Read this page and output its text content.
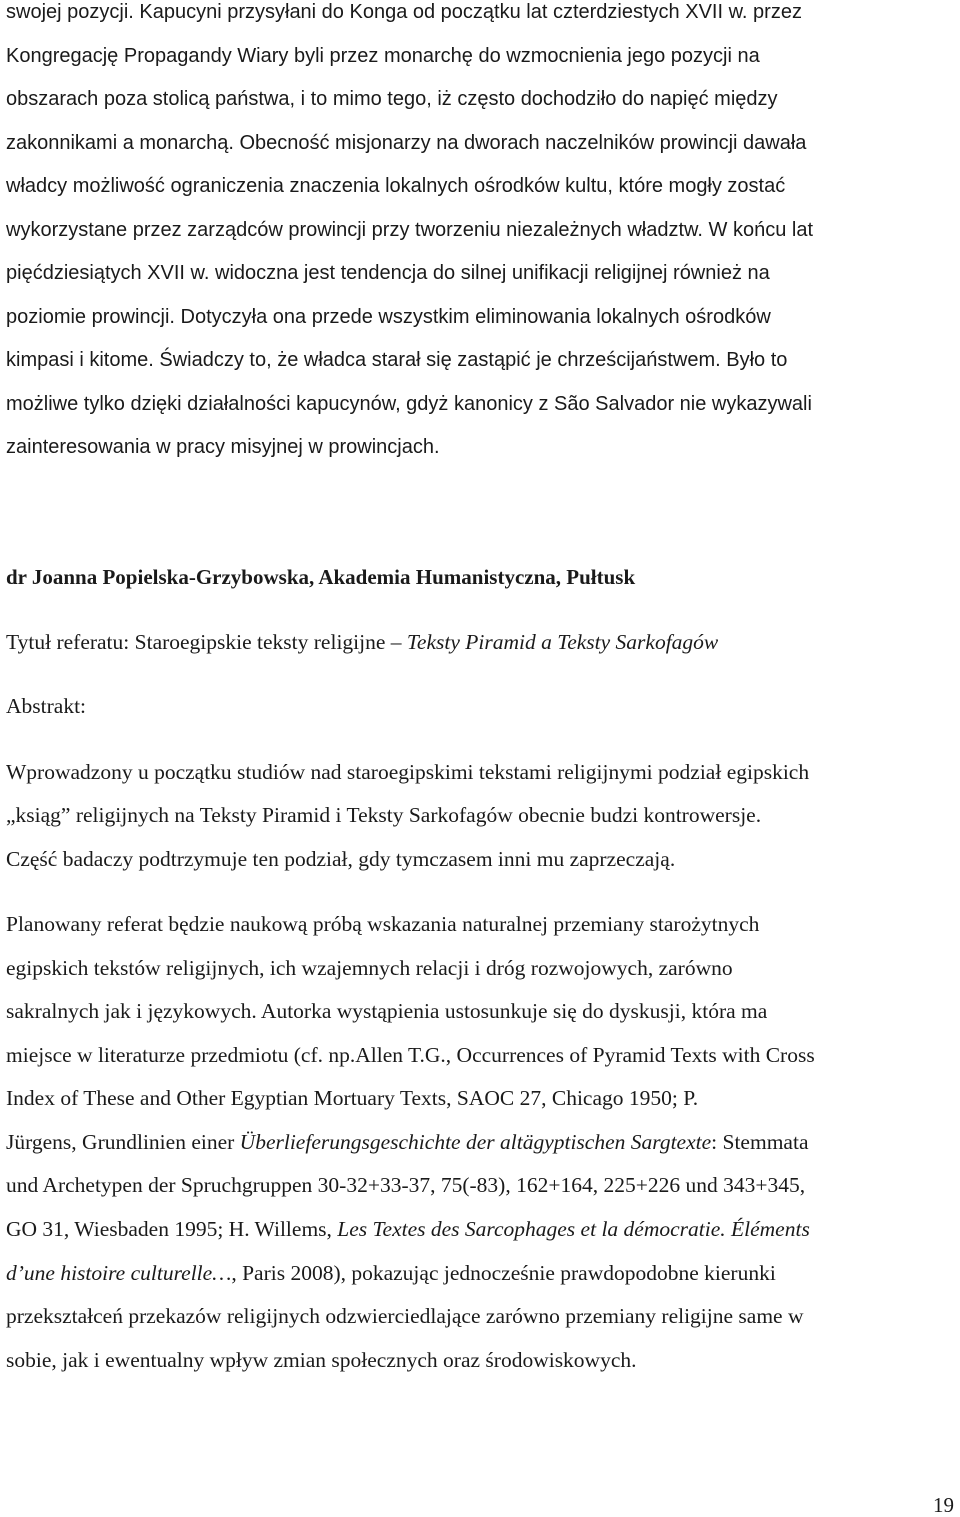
swojej pozycji. Kapucyni przysyłani do Konga od początku lat czterdziestych XVII w. przez
Kongregację Propagandy Wiary byli przez monarchę do wzmocnienia jego pozycji na
obszarach poza stolicą państwa, i to mimo tego, iż często dochodziło do napięć między
zakonnikami a monarchą. Obecność misjonarzy na dworach naczelników prowincji dawała
władcy możliwość ograniczenia znaczenia lokalnych ośrodków kultu, które mogły zostać
wykorzystane przez zarządców prowincji przy tworzeniu niezależnych władztw. W końcu lat
pięćdziesiątych XVII w. widoczna jest tendencja do silnej unifikacji religijnej również na
poziomie prowincji. Dotyczyła ona przede wszystkim eliminowania lokalnych ośrodków
kimpasi i kitome. Świadczy to, że władca starał się zastąpić je chrześcijaństwem. Było to
możliwe tylko dzięki działalności kapucynów, gdyż kanonicy z São Salvador nie wykazywali
zainteresowania w pracy misyjnej w prowincjach.
dr Joanna Popielska-Grzybowska, Akademia Humanistyczna, Pułtusk
Tytuł referatu: Staroegipskie teksty religijne – Teksty Piramid a Teksty Sarkofagów
Abstrakt:
Wprowadzony u początku studiów nad staroegipskimi tekstami religijnymi podział egipskich
„ksiąg” religijnych na Teksty Piramid i Teksty Sarkofagów obecnie budzi kontrowersje.
Część badaczy podtrzymuje ten podział, gdy tymczasem inni mu zaprzeczają.
Planowany referat będzie naukową próbą wskazania naturalnej przemiany starożytnych
egipskich tekstów religijnych, ich wzajemnych relacji i dróg rozwojowych, zarówno
sakralnych jak i językowych. Autorka wystąpienia ustosunkuje się do dyskusji, która ma
miejsce w literaturze przedmiotu (cf. np.Allen T.G., Occurrences of Pyramid Texts with Cross
Index of These and Other Egyptian Mortuary Texts, SAOC 27, Chicago 1950; P.
Jürgens, Grundlinien einer Überlieferungsgeschichte der altägyptischen Sargtexte: Stemmata
und Archetypen der Spruchgruppen 30-32+33-37, 75(-83), 162+164, 225+226 und 343+345,
GO 31, Wiesbaden 1995; H. Willems, Les Textes des Sarcophages et la démocratie. Éléments
d’une histoire culturelle…, Paris 2008), pokazując jednocześnie prawdopodobne kierunki
przekształceń przekazów religijnych odzwierciedlające zarówno przemiany religijne same w
sobie, jak i ewentualny wpływ zmian społecznych oraz środowiskowych.
19
